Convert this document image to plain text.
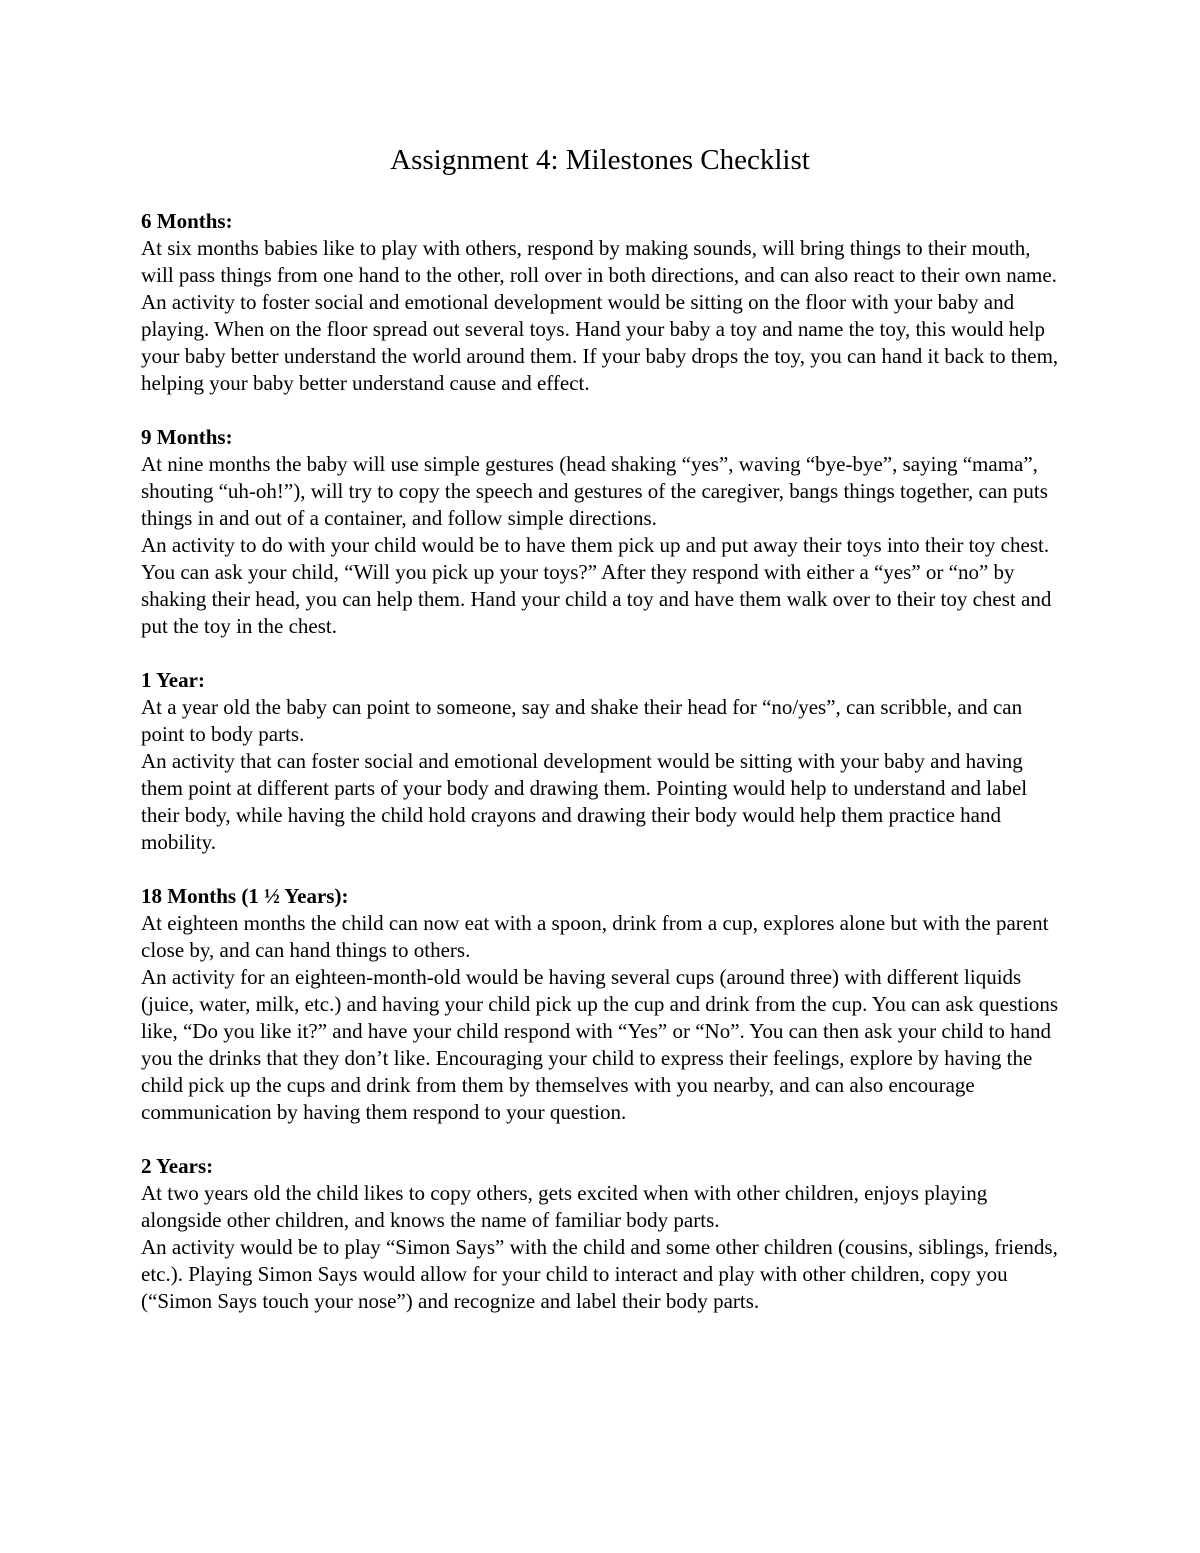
Assignment 4: Milestones Checklist

6 Months:

At six months babies like to play with others, respond by making sounds, will bring things to their mouth, will pass things from one hand to the other, roll over in both directions, and can also react to their own name.

An activity to foster social and emotional development would be sitting on the floor with your baby and playing. When on the floor spread out several toys. Hand your baby a toy and name the toy, this would help your baby better understand the world around them. If your baby drops the toy, you can hand it back to them, helping your baby better understand cause and effect.

9 Months:

At nine months the baby will use simple gestures (head shaking “yes”, waving “bye-bye”, saying “mama”, shouting “uh-oh!”), will try to copy the speech and gestures of the caregiver, bangs things together, can puts things in and out of a container, and follow simple directions.

An activity to do with your child would be to have them pick up and put away their toys into their toy chest. You can ask your child, “Will you pick up your toys?” After they respond with either a “yes” or “no” by shaking their head, you can help them. Hand your child a toy and have them walk over to their toy chest and put the toy in the chest.

1 Year:

At a year old the baby can point to someone, say and shake their head for “no/yes”, can scribble, and can point to body parts.

An activity that can foster social and emotional development would be sitting with your baby and having them point at different parts of your body and drawing them. Pointing would help to understand and label their body, while having the child hold crayons and drawing their body would help them practice hand mobility.

18 Months (1 ½ Years):

At eighteen months the child can now eat with a spoon, drink from a cup, explores alone but with the parent close by, and can hand things to others.

An activity for an eighteen-month-old would be having several cups (around three) with different liquids (juice, water, milk, etc.) and having your child pick up the cup and drink from the cup. You can ask questions like, “Do you like it?” and have your child respond with “Yes” or “No”. You can then ask your child to hand you the drinks that they don’t like. Encouraging your child to express their feelings, explore by having the child pick up the cups and drink from them by themselves with you nearby, and can also encourage communication by having them respond to your question.

2 Years:

At two years old the child likes to copy others, gets excited when with other children, enjoys playing alongside other children, and knows the name of familiar body parts.

An activity would be to play “Simon Says” with the child and some other children (cousins, siblings, friends, etc.). Playing Simon Says would allow for your child to interact and play with other children, copy you (“Simon Says touch your nose”) and recognize and label their body parts.
